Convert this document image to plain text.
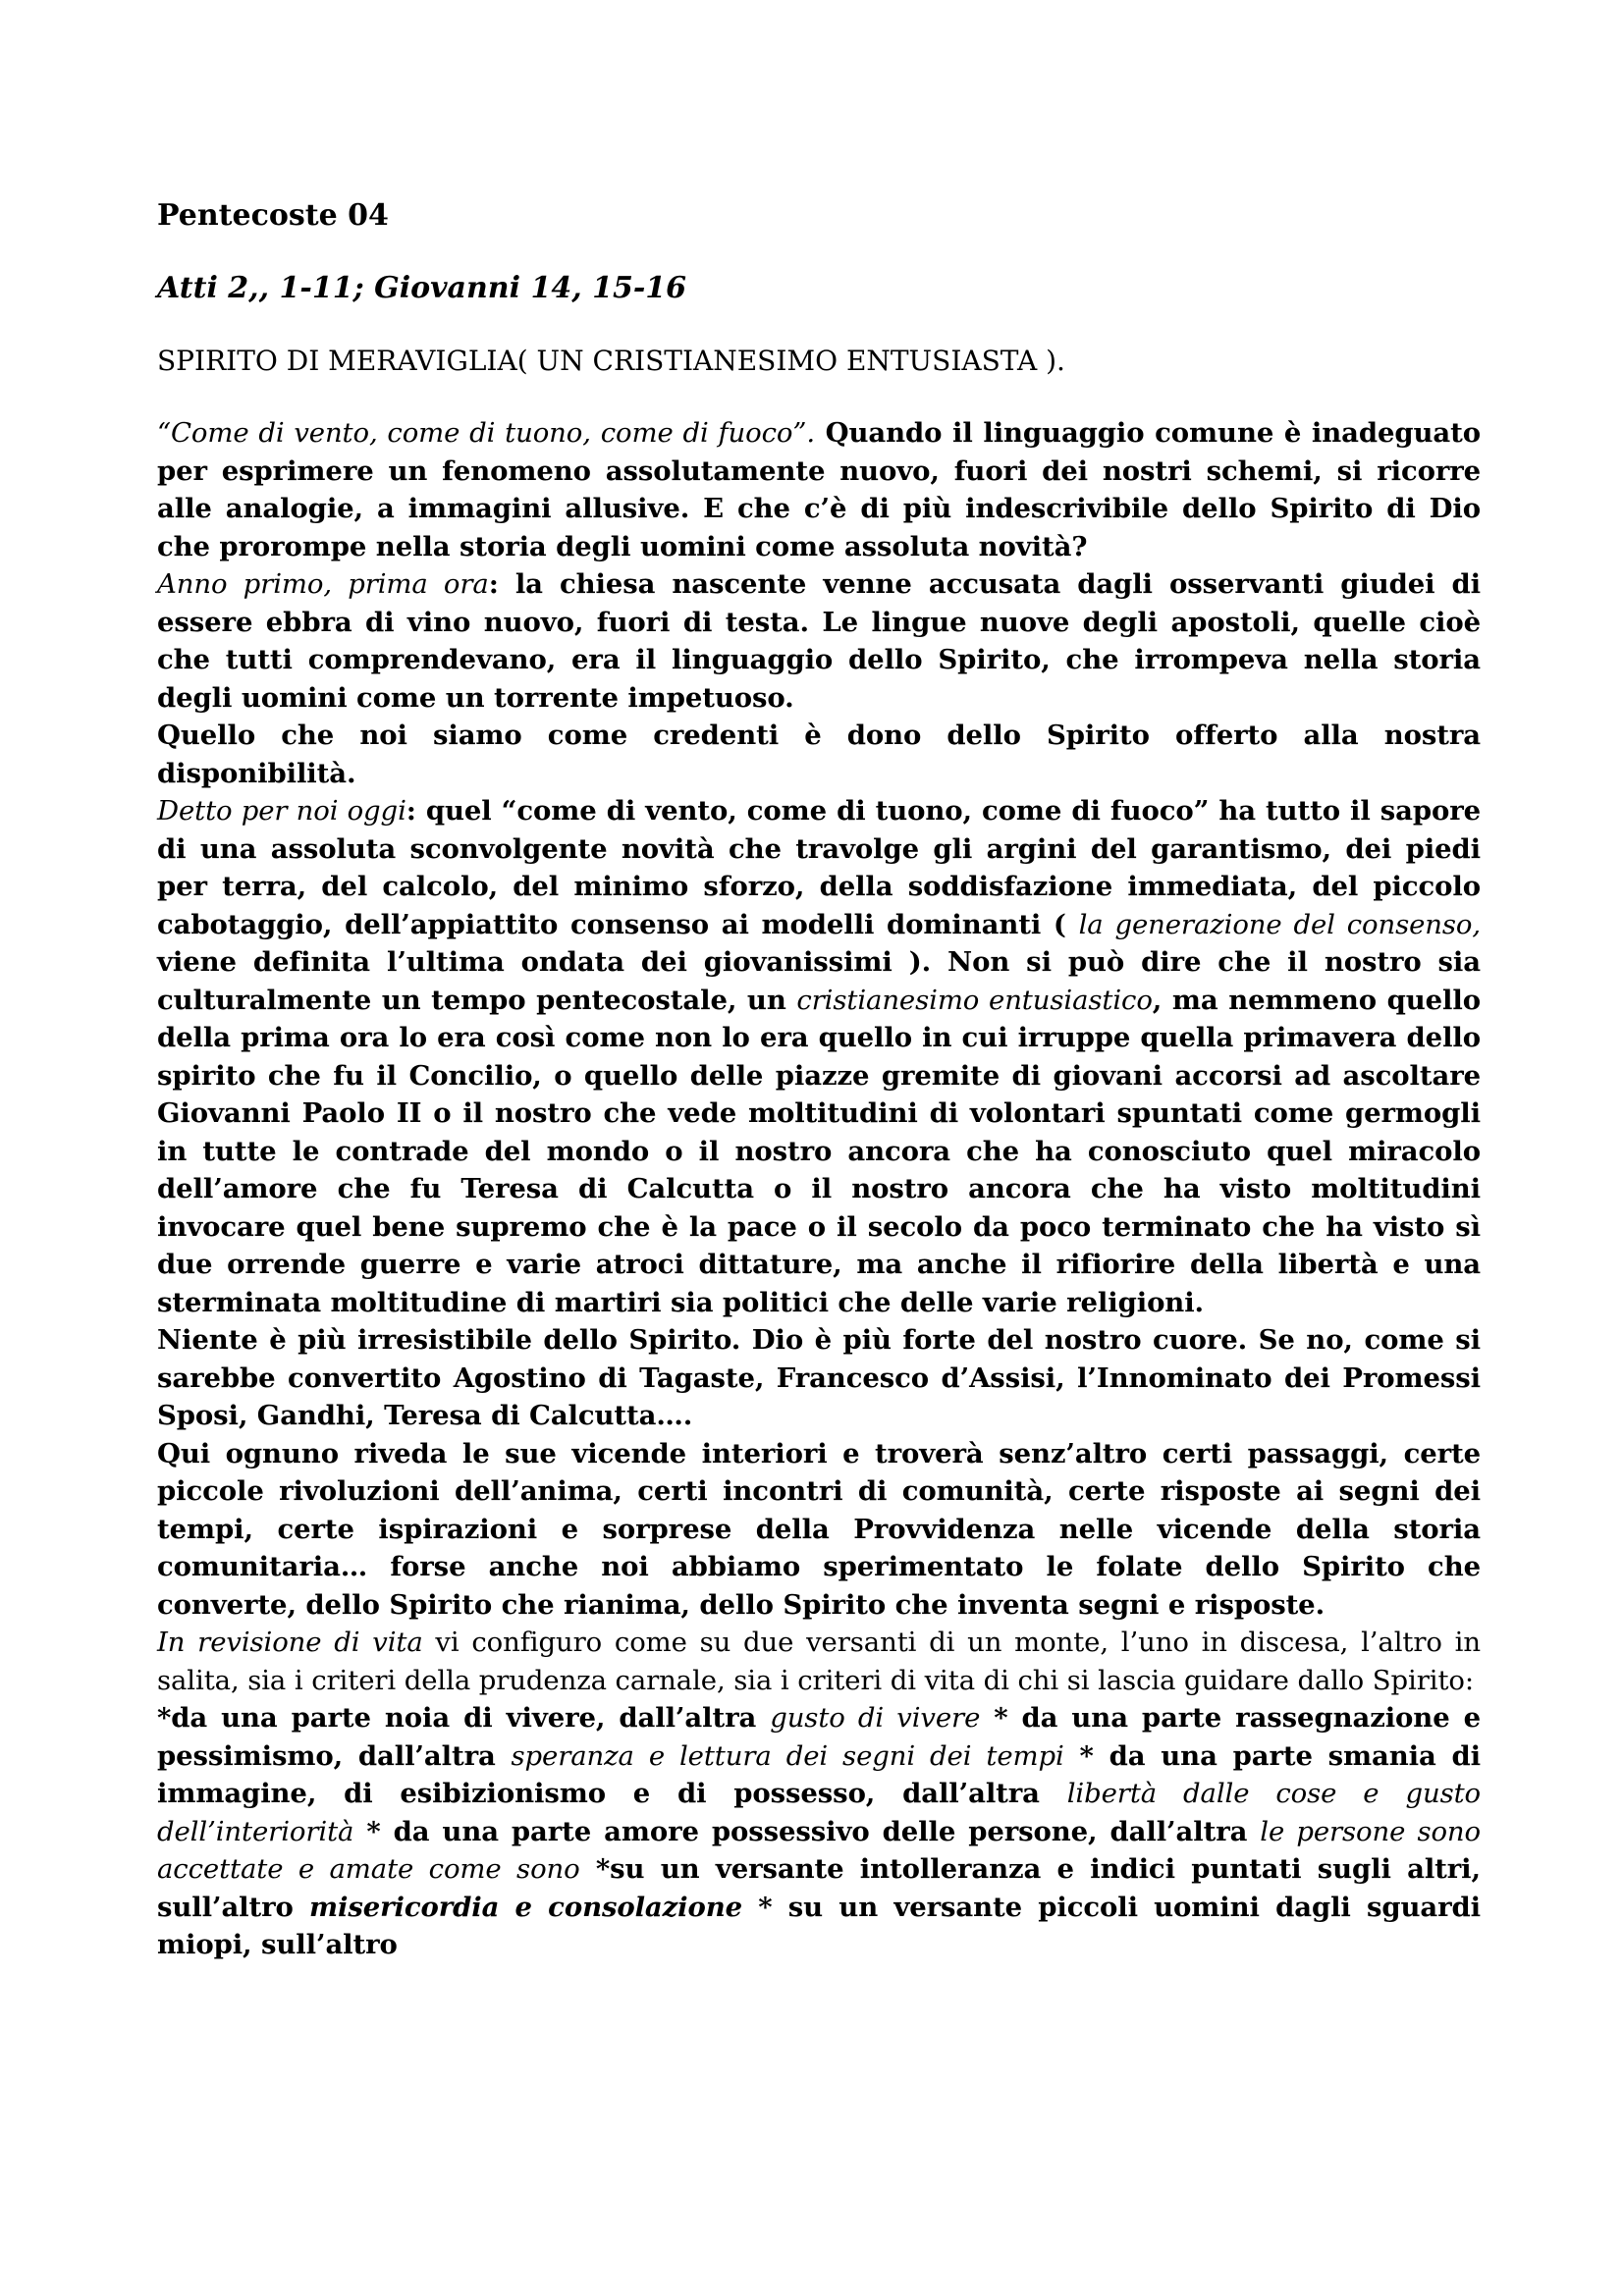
Pentecoste 04
Atti 2,, 1-11; Giovanni 14, 15-16
SPIRITO DI MERAVIGLIA( UN CRISTIANESIMO ENTUSIASTA ).

“Come di vento, come di tuono, come di fuoco”. Quando il linguaggio comune è inadeguato per esprimere un fenomeno assolutamente nuovo, fuori dei nostri schemi, si ricorre alle analogie, a immagini allusive. E che c’è di più indescrivibile dello Spirito di Dio che prorompe nella storia degli uomini come assoluta novità?

Anno primo, prima ora: la chiesa nascente venne accusata dagli osservanti giudei di essere ebbra di vino nuovo, fuori di testa. Le lingue nuove degli apostoli, quelle cioè che tutti comprendevano, era il linguaggio dello Spirito, che irrompeva nella storia degli uomini come un torrente impetuoso.

Quello che noi siamo come credenti è dono dello Spirito offerto alla nostra disponibilità.

Detto per noi oggi: quel “come di vento, come di tuono, come di fuoco” ha tutto il sapore di una assoluta sconvolgente novità che travolge gli argini del garantismo, dei piedi per terra, del calcolo, del minimo sforzo, della soddisfazione immediata, del piccolo cabotaggio, dell’appiattito consenso ai modelli dominanti ( la generazione del consenso, viene definita l’ultima ondata dei giovanissimi ). Non si può dire che il nostro sia culturalmente un tempo pentecostale, un cristianesimo entusiastico, ma nemmeno quello della prima ora lo era così come non lo era quello in cui irruppe quella primavera dello spirito che fu il Concilio, o quello delle piazze gremite di giovani accorsi ad ascoltare Giovanni Paolo II o il nostro che vede moltitudini di volontari spuntati come germogli in tutte le contrade del mondo o il nostro ancora che ha conosciuto quel miracolo dell’amore che fu Teresa di Calcutta o il nostro ancora che ha visto moltitudini invocare quel bene supremo che è la pace o il secolo da poco terminato che ha visto sì due orrende guerre e varie atroci dittature, ma anche il rifiorire della libertà e una sterminata moltitudine di martiri sia politici che delle varie religioni.

Niente è più irresistibile dello Spirito. Dio è più forte del nostro cuore. Se no, come si sarebbe convertito Agostino di Tagaste, Francesco d’Assisi, l’Innominato dei Promessi Sposi, Gandhi, Teresa di Calcutta….

Qui ognuno riveda le sue vicende interiori e troverà senz’altro certi passaggi, certe piccole rivoluzioni dell’anima, certi incontri di comunità, certe risposte ai segni dei tempi, certe ispirazioni e sorprese della Provvidenza nelle vicende della storia comunitaria… forse anche noi abbiamo sperimentato le folate dello Spirito che converte, dello Spirito che rianima, dello Spirito che inventa segni e risposte.

In revisione di vita vi configuro come su due versanti di un monte, l’uno in discesa, l’altro in salita, sia i criteri della prudenza carnale, sia i criteri di vita di chi si lascia guidare dallo Spirito:

*da una parte noia di vivere, dall’altra gusto di vivere * da una parte rassegnazione e pessimismo, dall’altra speranza e lettura dei segni dei tempi * da una parte smania di immagine, di esibizionismo e di possesso, dall’altra libertà dalle cose e gusto dell’interiorità * da una parte amore possessivo delle persone, dall’altra le persone sono accettate e amate come sono *su un versante intolleranza e indici puntati sugli altri, sull’altro misericordia e consolazione * su un versante piccoli uomini dagli sguardi miopi, sull’altro
